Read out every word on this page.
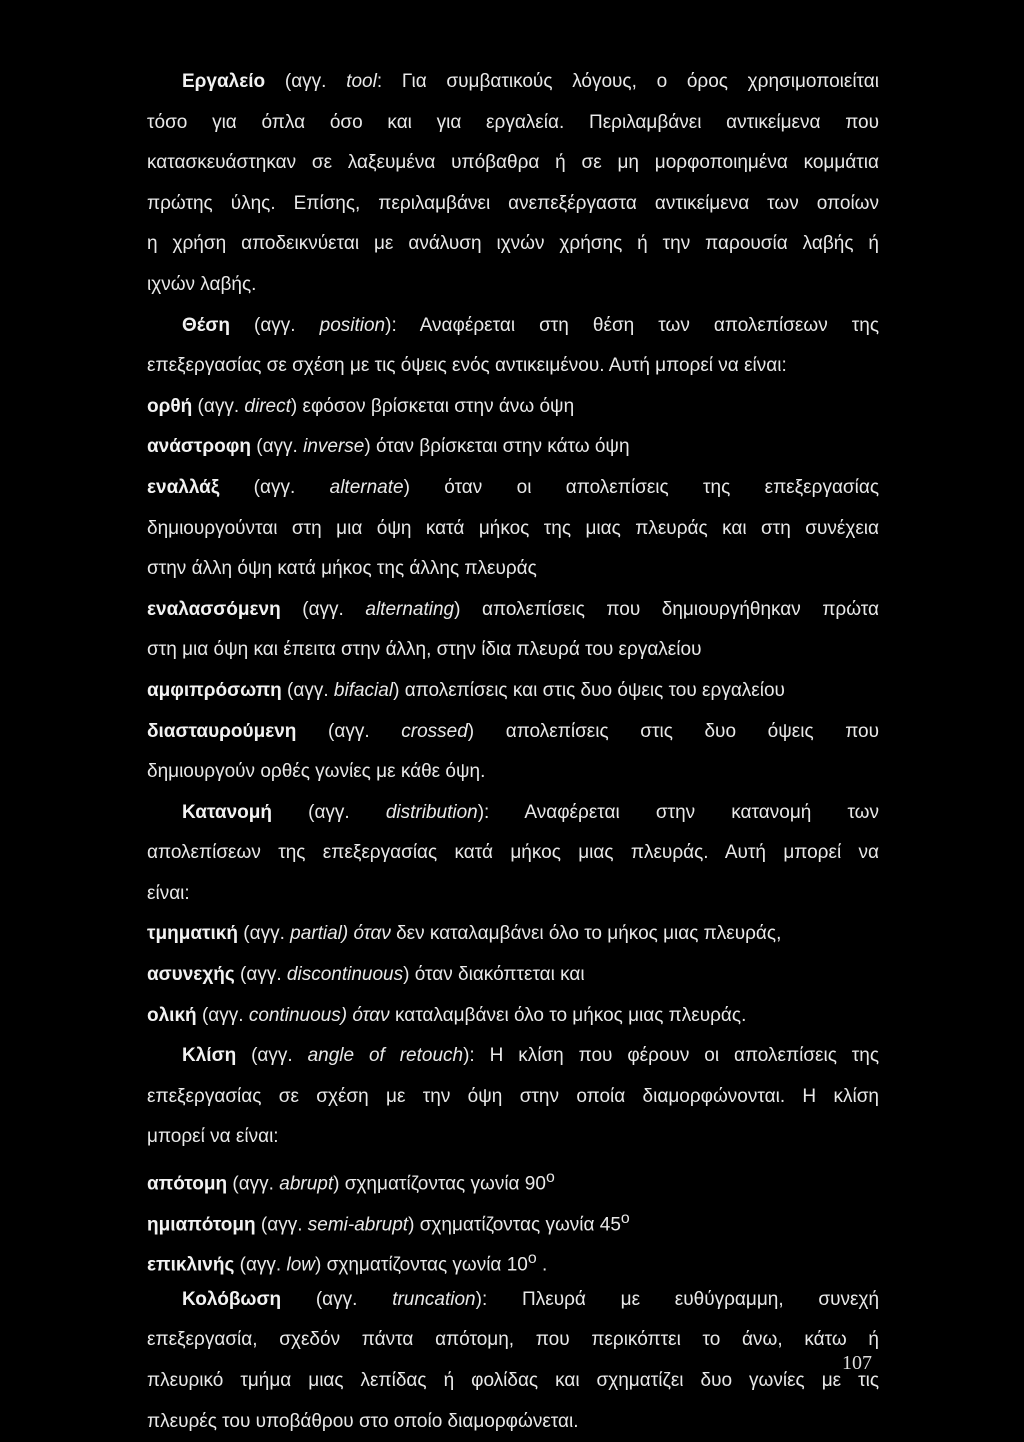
Εργαλείο (αγγ. tool: Για συμβατικούς λόγους, ο όρος χρησιμοποιείται
τόσο για όπλα όσο και για εργαλεία. Περιλαμβάνει αντικείμενα που
κατασκευάστηκαν σε λαξευμένα υπόβαθρα ή σε μη μορφοποιημένα κομμάτια
πρώτης ύλης. Επίσης, περιλαμβάνει ανεπεξέργαστα αντικείμενα των οποίων
η χρήση αποδεικνύεται με ανάλυση ιχνών χρήσης ή την παρουσία λαβής ή
ιχνών λαβής.
Θέση (αγγ. position): Αναφέρεται στη θέση των απολεπίσεων της
επεξεργασίας σε σχέση με τις όψεις ενός αντικειμένου. Αυτή μπορεί να είναι:
ορθή (αγγ. direct) εφόσον βρίσκεται στην άνω όψη
ανάστροφη (αγγ. inverse) όταν βρίσκεται στην κάτω όψη
εναλλάξ (αγγ. alternate) όταν οι απολεπίσεις της επεξεργασίας
δημιουργούνται στη μια όψη κατά μήκος της μιας πλευράς και στη συνέχεια
στην άλλη όψη κατά μήκος της άλλης πλευράς
εναλασσόμενη (αγγ. alternating) απολεπίσεις που δημιουργήθηκαν πρώτα
στη μια όψη και έπειτα στην άλλη, στην ίδια πλευρά του εργαλείου
αμφιπρόσωπη (αγγ. bifacial) απολεπίσεις και στις δυο όψεις του εργαλείου
διασταυρούμενη (αγγ. crossed) απολεπίσεις στις δυο όψεις που
δημιουργούν ορθές γωνίες με κάθε όψη.
Κατανομή (αγγ. distribution): Αναφέρεται στην κατανομή των
απολεπίσεων της επεξεργασίας κατά μήκος μιας πλευράς. Αυτή μπορεί να
είναι:
τμηματική (αγγ. partial) όταν δεν καταλαμβάνει όλο το μήκος μιας πλευράς,
ασυνεχής (αγγ. discontinuous) όταν διακόπτεται και
ολική (αγγ. continuous) όταν καταλαμβάνει όλο το μήκος μιας πλευράς.
Κλίση (αγγ. angle of retouch): Η κλίση που φέρουν οι απολεπίσεις της
επεξεργασίας σε σχέση με την όψη στην οποία διαμορφώνονται. Η κλίση
μπορεί να είναι:
απότομη (αγγ. abrupt) σχηματίζοντας γωνία $90^o$
ημιαπότομη (αγγ. semi-abrupt) σχηματίζοντας γωνία $45^o$
επικλινής (αγγ. low) σχηματίζοντας γωνία $10^o$ .
Κολόβωση (αγγ. truncation): Πλευρά με ευθύγραμμη, συνεχή
επεξεργασία, σχεδόν πάντα απότομη, που περικόπτει το άνω, κάτω ή
πλευρικό τμήμα μιας λεπίδας ή φολίδας και σχηματίζει δυο γωνίες με τις
πλευρές του υποβάθρου στο οποίο διαμορφώνεται.
107
